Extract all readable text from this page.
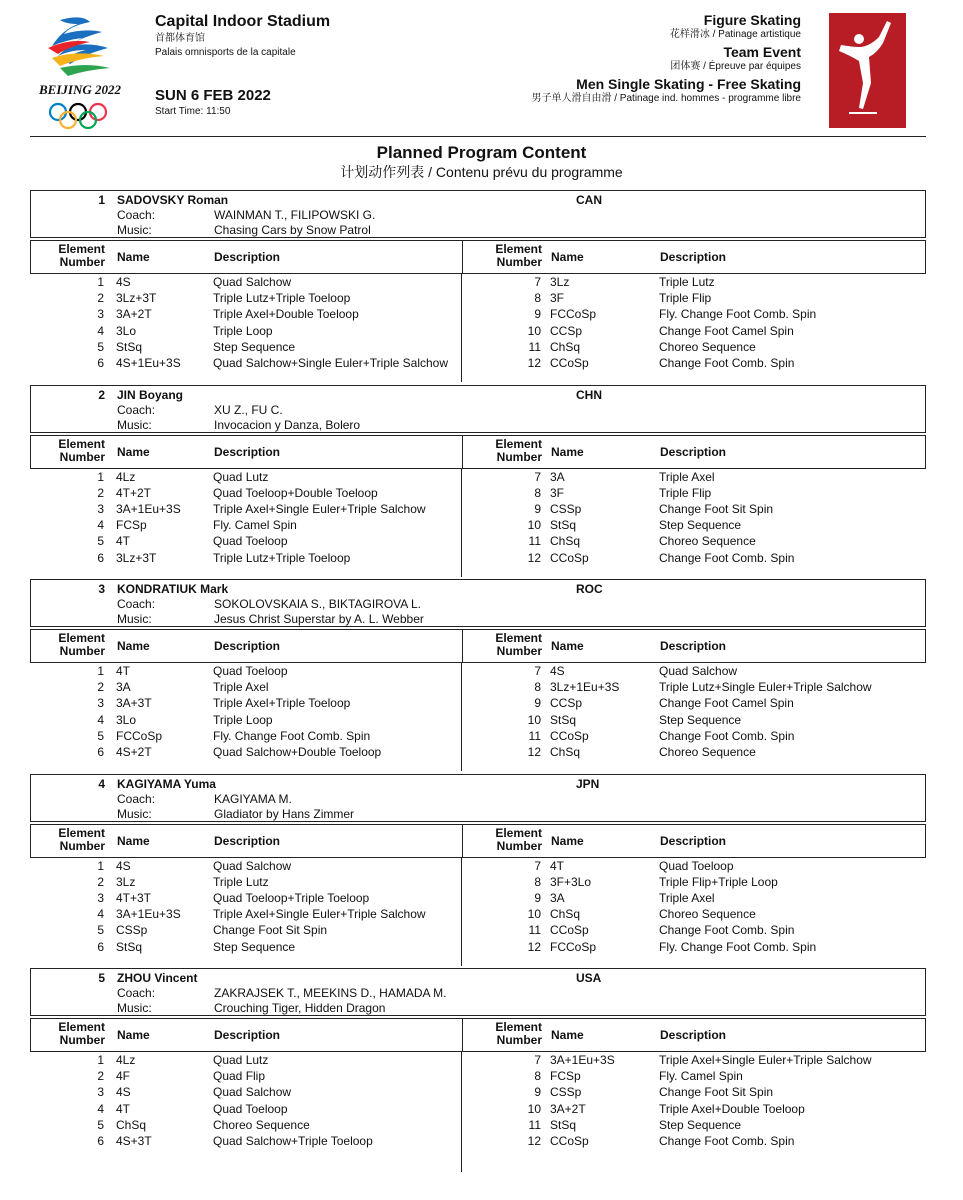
BEIJING 2022
Capital Indoor Stadium
首都体育馆
Palais omnisports de la capitale
SUN 6 FEB 2022
Start Time: 11:50
Figure Skating
花样滑冰 / Patinage artistique
Team Event
团体赛 / Épreuve par équipes
Men Single Skating - Free Skating
男子单人滑自由滑 / Patinage ind. hommes - programme libre
Planned Program Content
计划动作列表 / Contenu prévu du programme
1 SADOVSKY Roman	CAN
Coach:	WAINMAN T., FILIPOWSKI G.
Music:	Chasing Cars by Snow Patrol
Element Number Name	Description
Element Number Name	Description
1 4S	Quad Salchow
2 3Lz+3T	Triple Lutz+Triple Toeloop
3 3A+2T	Triple Axel+Double Toeloop
4 3Lo	Triple Loop
5 StSq	Step Sequence
6 4S+1Eu+3S	Quad Salchow+Single Euler+Triple Salchow
7 3Lz	Triple Lutz
8 3F	Triple Flip
9 FCCoSp	Fly. Change Foot Comb. Spin
10 CCSp	Change Foot Camel Spin
11 ChSq	Choreo Sequence
12 CCoSp	Change Foot Comb. Spin
2 JIN Boyang	CHN
Coach:	XU Z., FU C.
Music:	Invocacion y Danza, Bolero
Element Number Name	Description
Element Number Name	Description
1 4Lz	Quad Lutz
2 4T+2T	Quad Toeloop+Double Toeloop
3 3A+1Eu+3S	Triple Axel+Single Euler+Triple Salchow
4 FCSp	Fly. Camel Spin
5 4T	Quad Toeloop
6 3Lz+3T	Triple Lutz+Triple Toeloop
7 3A	Triple Axel
8 3F	Triple Flip
9 CSSp	Change Foot Sit Spin
10 StSq	Step Sequence
11 ChSq	Choreo Sequence
12 CCoSp	Change Foot Comb. Spin
3 KONDRATIUK Mark	ROC
Coach:	SOKOLOVSKAIA S., BIKTAGIROVA L.
Music:	Jesus Christ Superstar by A. L. Webber
Element Number Name	Description
Element Number Name	Description
1 4T	Quad Toeloop
2 3A	Triple Axel
3 3A+3T	Triple Axel+Triple Toeloop
4 3Lo	Triple Loop
5 FCCoSp	Fly. Change Foot Comb. Spin
6 4S+2T	Quad Salchow+Double Toeloop
7 4S	Quad Salchow
8 3Lz+1Eu+3S	Triple Lutz+Single Euler+Triple Salchow
9 CCSp	Change Foot Camel Spin
10 StSq	Step Sequence
11 CCoSp	Change Foot Comb. Spin
12 ChSq	Choreo Sequence
4 KAGIYAMA Yuma	JPN
Coach:	KAGIYAMA M.
Music:	Gladiator by Hans Zimmer
Element Number Name	Description
Element Number Name	Description
1 4S	Quad Salchow
2 3Lz	Triple Lutz
3 4T+3T	Quad Toeloop+Triple Toeloop
4 3A+1Eu+3S	Triple Axel+Single Euler+Triple Salchow
5 CSSp	Change Foot Sit Spin
6 StSq	Step Sequence
7 4T	Quad Toeloop
8 3F+3Lo	Triple Flip+Triple Loop
9 3A	Triple Axel
10 ChSq	Choreo Sequence
11 CCoSp	Change Foot Comb. Spin
12 FCCoSp	Fly. Change Foot Comb. Spin
5 ZHOU Vincent	USA
Coach:	ZAKRAJSEK T., MEEKINS D., HAMADA M.
Music:	Crouching Tiger, Hidden Dragon
Element Number Name	Description
Element Number Name	Description
1 4Lz	Quad Lutz
2 4F	Quad Flip
3 4S	Quad Salchow
4 4T	Quad Toeloop
5 ChSq	Choreo Sequence
6 4S+3T	Quad Salchow+Triple Toeloop
7 3A+1Eu+3S	Triple Axel+Single Euler+Triple Salchow
8 FCSp	Fly. Camel Spin
9 CSSp	Change Foot Sit Spin
10 3A+2T	Triple Axel+Double Toeloop
11 StSq	Step Sequence
12 CCoSp	Change Foot Comb. Spin
